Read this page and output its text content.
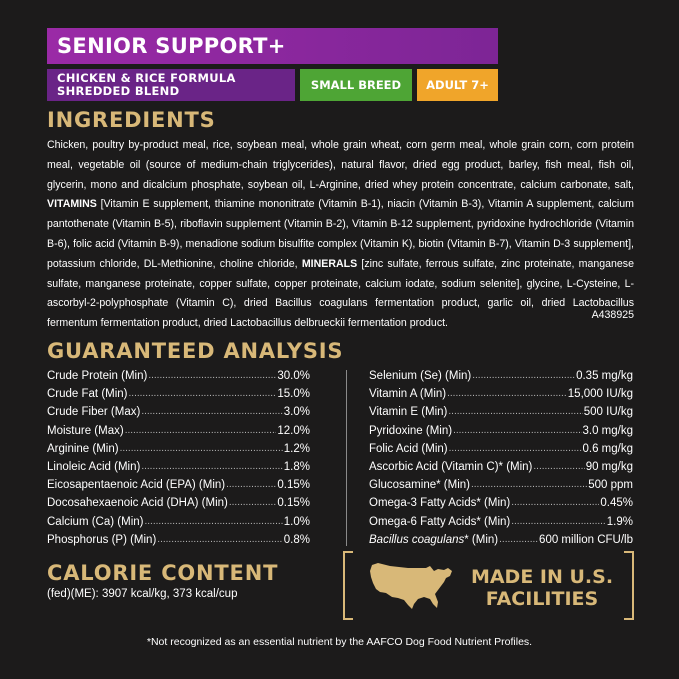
SENIOR SUPPORT+
CHICKEN & RICE FORMULA
SHREDDED BLEND	SMALL BREED	ADULT 7+
INGREDIENTS
Chicken, poultry by-product meal, rice, soybean meal, whole grain wheat, corn germ meal, whole grain corn, corn protein meal, vegetable oil (source of medium-chain triglycerides), natural flavor, dried egg product, barley, fish meal, fish oil, glycerin, mono and dicalcium phosphate, soybean oil, L-Arginine, dried whey protein concentrate, calcium carbonate, salt, VITAMINS [Vitamin E supplement, thiamine mononitrate (Vitamin B-1), niacin (Vitamin B-3), Vitamin A supplement, calcium pantothenate (Vitamin B-5), riboflavin supplement (Vitamin B-2), Vitamin B-12 supplement, pyridoxine hydrochloride (Vitamin B-6), folic acid (Vitamin B-9), menadione sodium bisulfite complex (Vitamin K), biotin (Vitamin B-7), Vitamin D-3 supplement], potassium chloride, DL-Methionine, choline chloride, MINERALS [zinc sulfate, ferrous sulfate, zinc proteinate, manganese sulfate, manganese proteinate, copper sulfate, copper proteinate, calcium iodate, sodium selenite], glycine, L-Cysteine, L-ascorbyl-2-polyphosphate (Vitamin C), dried Bacillus coagulans fermentation product, garlic oil, dried Lactobacillus fermentum fermentation product, dried Lactobacillus delbrueckii fermentation product.
A438925
GUARANTEED ANALYSIS
Crude Protein (Min) .....	30.0%
Crude Fat (Min) .....	15.0%
Crude Fiber (Max) .....	3.0%
Moisture (Max) .....	12.0%
Arginine (Min) .....	1.2%
Linoleic Acid (Min) .....	1.8%
Eicosapentaenoic Acid (EPA) (Min) .....	0.15%
Docosahexaenoic Acid (DHA) (Min) .....	0.15%
Calcium (Ca) (Min) .....	1.0%
Phosphorus (P) (Min) .....	0.8%
Selenium (Se) (Min) .....	0.35 mg/kg
Vitamin A (Min) .....	15,000 IU/kg
Vitamin E (Min) .....	500 IU/kg
Pyridoxine (Min) .....	3.0 mg/kg
Folic Acid (Min) .....	0.6 mg/kg
Ascorbic Acid (Vitamin C)* (Min) .....	90 mg/kg
Glucosamine* (Min) .....	500 ppm
Omega-3 Fatty Acids* (Min) .....	0.45%
Omega-6 Fatty Acids* (Min) .....	1.9%
Bacillus coagulans* (Min) .....	600 million CFU/lb
CALORIE CONTENT
(fed)(ME): 3907 kcal/kg, 373 kcal/cup
MADE IN U.S.
FACILITIES
*Not recognized as an essential nutrient by the AAFCO Dog Food Nutrient Profiles.
